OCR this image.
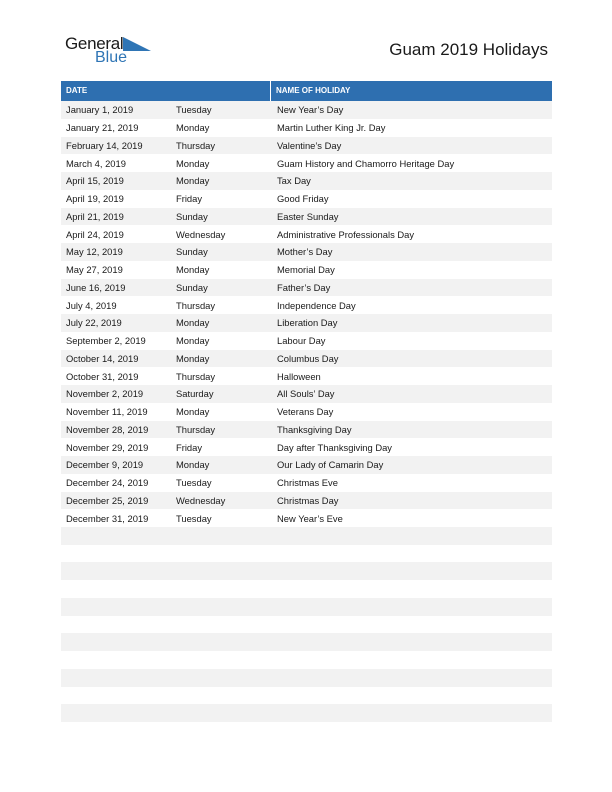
General
Blue	Guam 2019 Holidays
DATE	NAME OF HOLIDAY
January 1, 2019	Tuesday	New Year’s Day
January 21, 2019	Monday	Martin Luther King Jr. Day
February 14, 2019	Thursday	Valentine’s Day
March 4, 2019	Monday	Guam History and Chamorro Heritage Day
April 15, 2019	Monday	Tax Day
April 19, 2019	Friday	Good Friday
April 21, 2019	Sunday	Easter Sunday
April 24, 2019	Wednesday	Administrative Professionals Day
May 12, 2019	Sunday	Mother’s Day
May 27, 2019	Monday	Memorial Day
June 16, 2019	Sunday	Father’s Day
July 4, 2019	Thursday	Independence Day
July 22, 2019	Monday	Liberation Day
September 2, 2019	Monday	Labour Day
October 14, 2019	Monday	Columbus Day
October 31, 2019	Thursday	Halloween
November 2, 2019	Saturday	All Souls’ Day
November 11, 2019	Monday	Veterans Day
November 28, 2019	Thursday	Thanksgiving Day
November 29, 2019	Friday	Day after Thanksgiving Day
December 9, 2019	Monday	Our Lady of Camarin Day
December 24, 2019	Tuesday	Christmas Eve
December 25, 2019	Wednesday	Christmas Day
December 31, 2019	Tuesday	New Year’s Eve
